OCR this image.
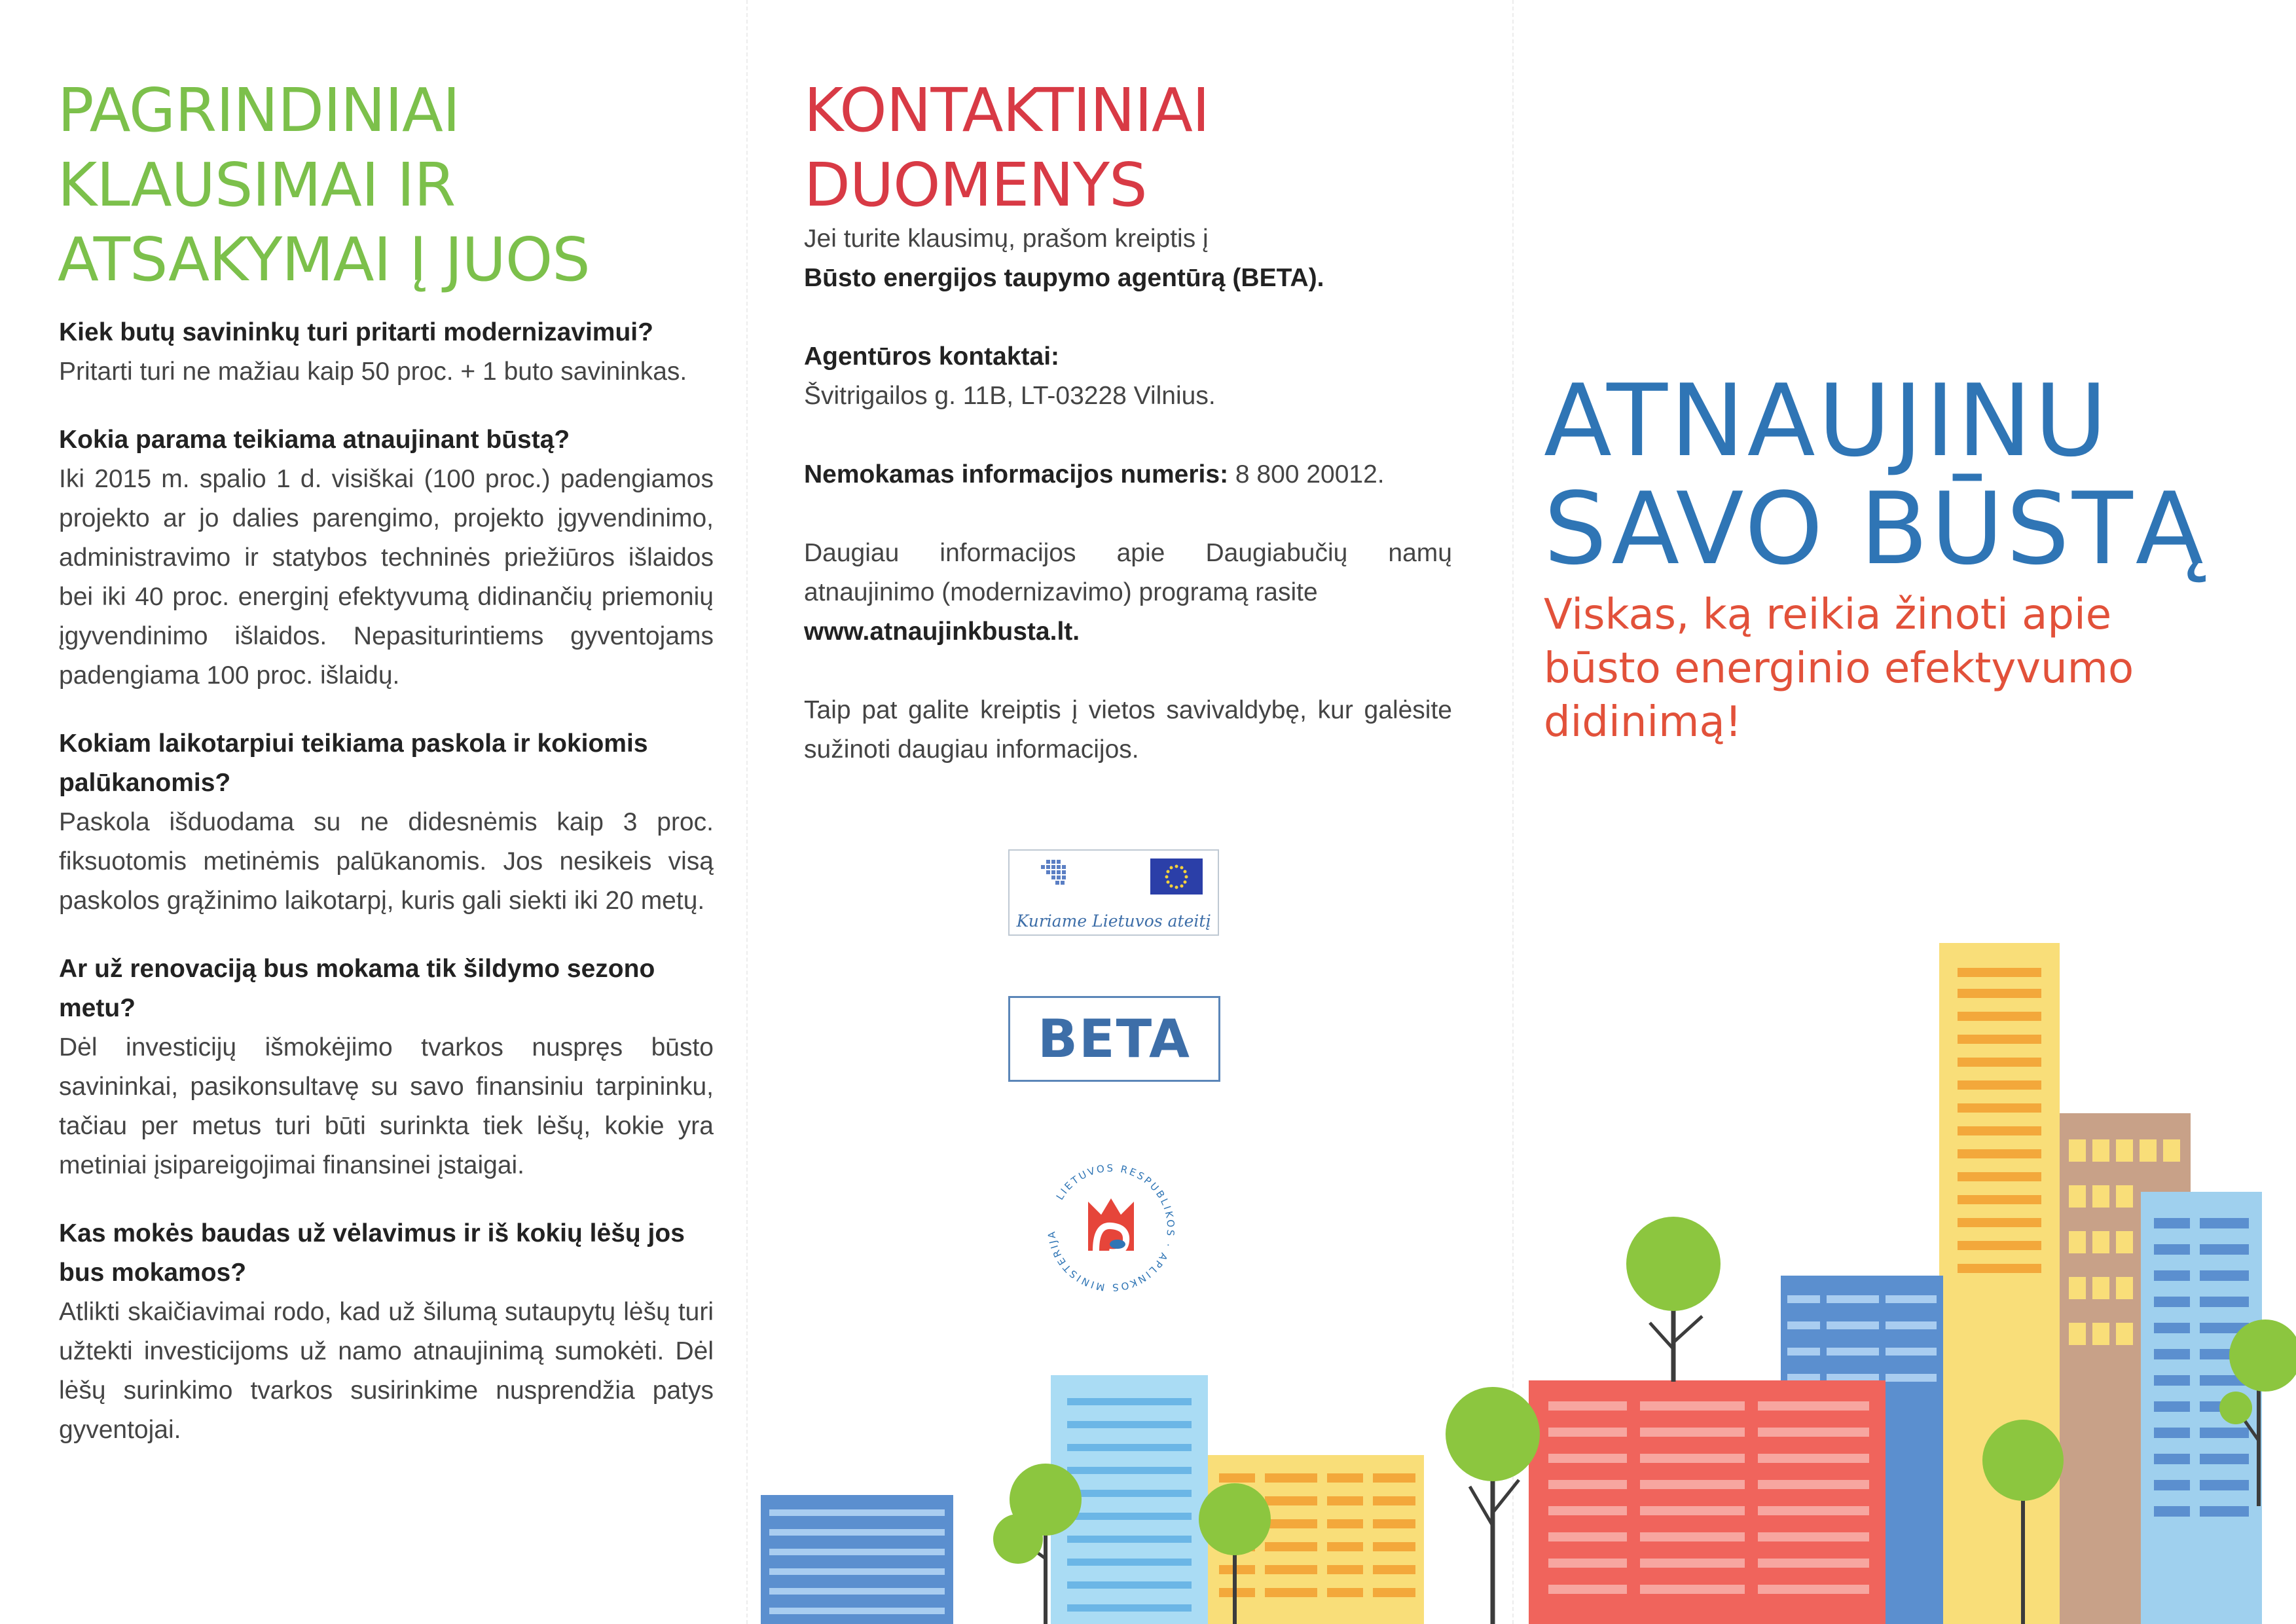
PAGRINDINIAI
KLAUSIMAI IR
ATSAKYMAI Į JUOS

Kiek butų savininkų turi pritarti modernizavimui?

Pritarti turi ne mažiau kaip 50 proc. + 1 buto savininkas.

Kokia parama teikiama atnaujinant būstą?

Iki 2015 m. spalio 1 d. visiškai (100 proc.) padengiamos projekto ar jo dalies parengimo, projekto įgyvendinimo, administravimo ir statybos techninės priežiūros išlaidos bei iki 40 proc. energinį efektyvumą didinančių priemonių įgyvendinimo išlaidos. Nepasiturintiems gyventojams padengiama 100 proc. išlaidų.

Kokiam laikotarpiui teikiama paskola ir kokiomis palūkanomis?

Paskola išduodama su ne didesnėmis kaip 3 proc. fiksuotomis metinėmis palūkanomis. Jos nesikeis visą paskolos grąžinimo laikotarpį, kuris gali siekti iki 20 metų.

Ar už renovaciją bus mokama tik šildymo sezono metu?

Dėl investicijų išmokėjimo tvarkos nuspręs būsto savininkai, pasikonsultavę su savo finansiniu tarpininku, tačiau per metus turi būti surinkta tiek lėšų, kokie yra metiniai įsipareigojimai finansinei įstaigai.

Kas mokės baudas už vėlavimus ir iš kokių lėšų jos bus mokamos?

Atlikti skaičiavimai rodo, kad už šilumą sutaupytų lėšų turi užtekti investicijoms už namo atnaujinimą sumokėti. Dėl lėšų surinkimo tvarkos susirinkime nusprendžia patys gyventojai.

KONTAKTINIAI
DUOMENYS

Jei turite klausimų, prašom kreiptis į

Būsto energijos taupymo agentūrą (BETA).

Agentūros kontaktai:

Švitrigailos g. 11B, LT-03228 Vilnius.

Nemokamas informacijos numeris: 8 800 20012.

Daugiau informacijos apie Daugiabučių namų atnaujinimo (modernizavimo) programą rasite

www.atnaujinkbusta.lt.

Taip pat galite kreiptis į vietos savivaldybę, kur galėsite sužinoti daugiau informacijos.

Kuriame Lietuvos ateitį
BETA
LIETUVOS RESPUBLIKOS · APLINKOS MINISTERIJA
ATNAUJINU
SAVO BŪSTĄ

Viskas, ką reikia žinoti apie
būsto energinio efektyvumo
didinimą!
